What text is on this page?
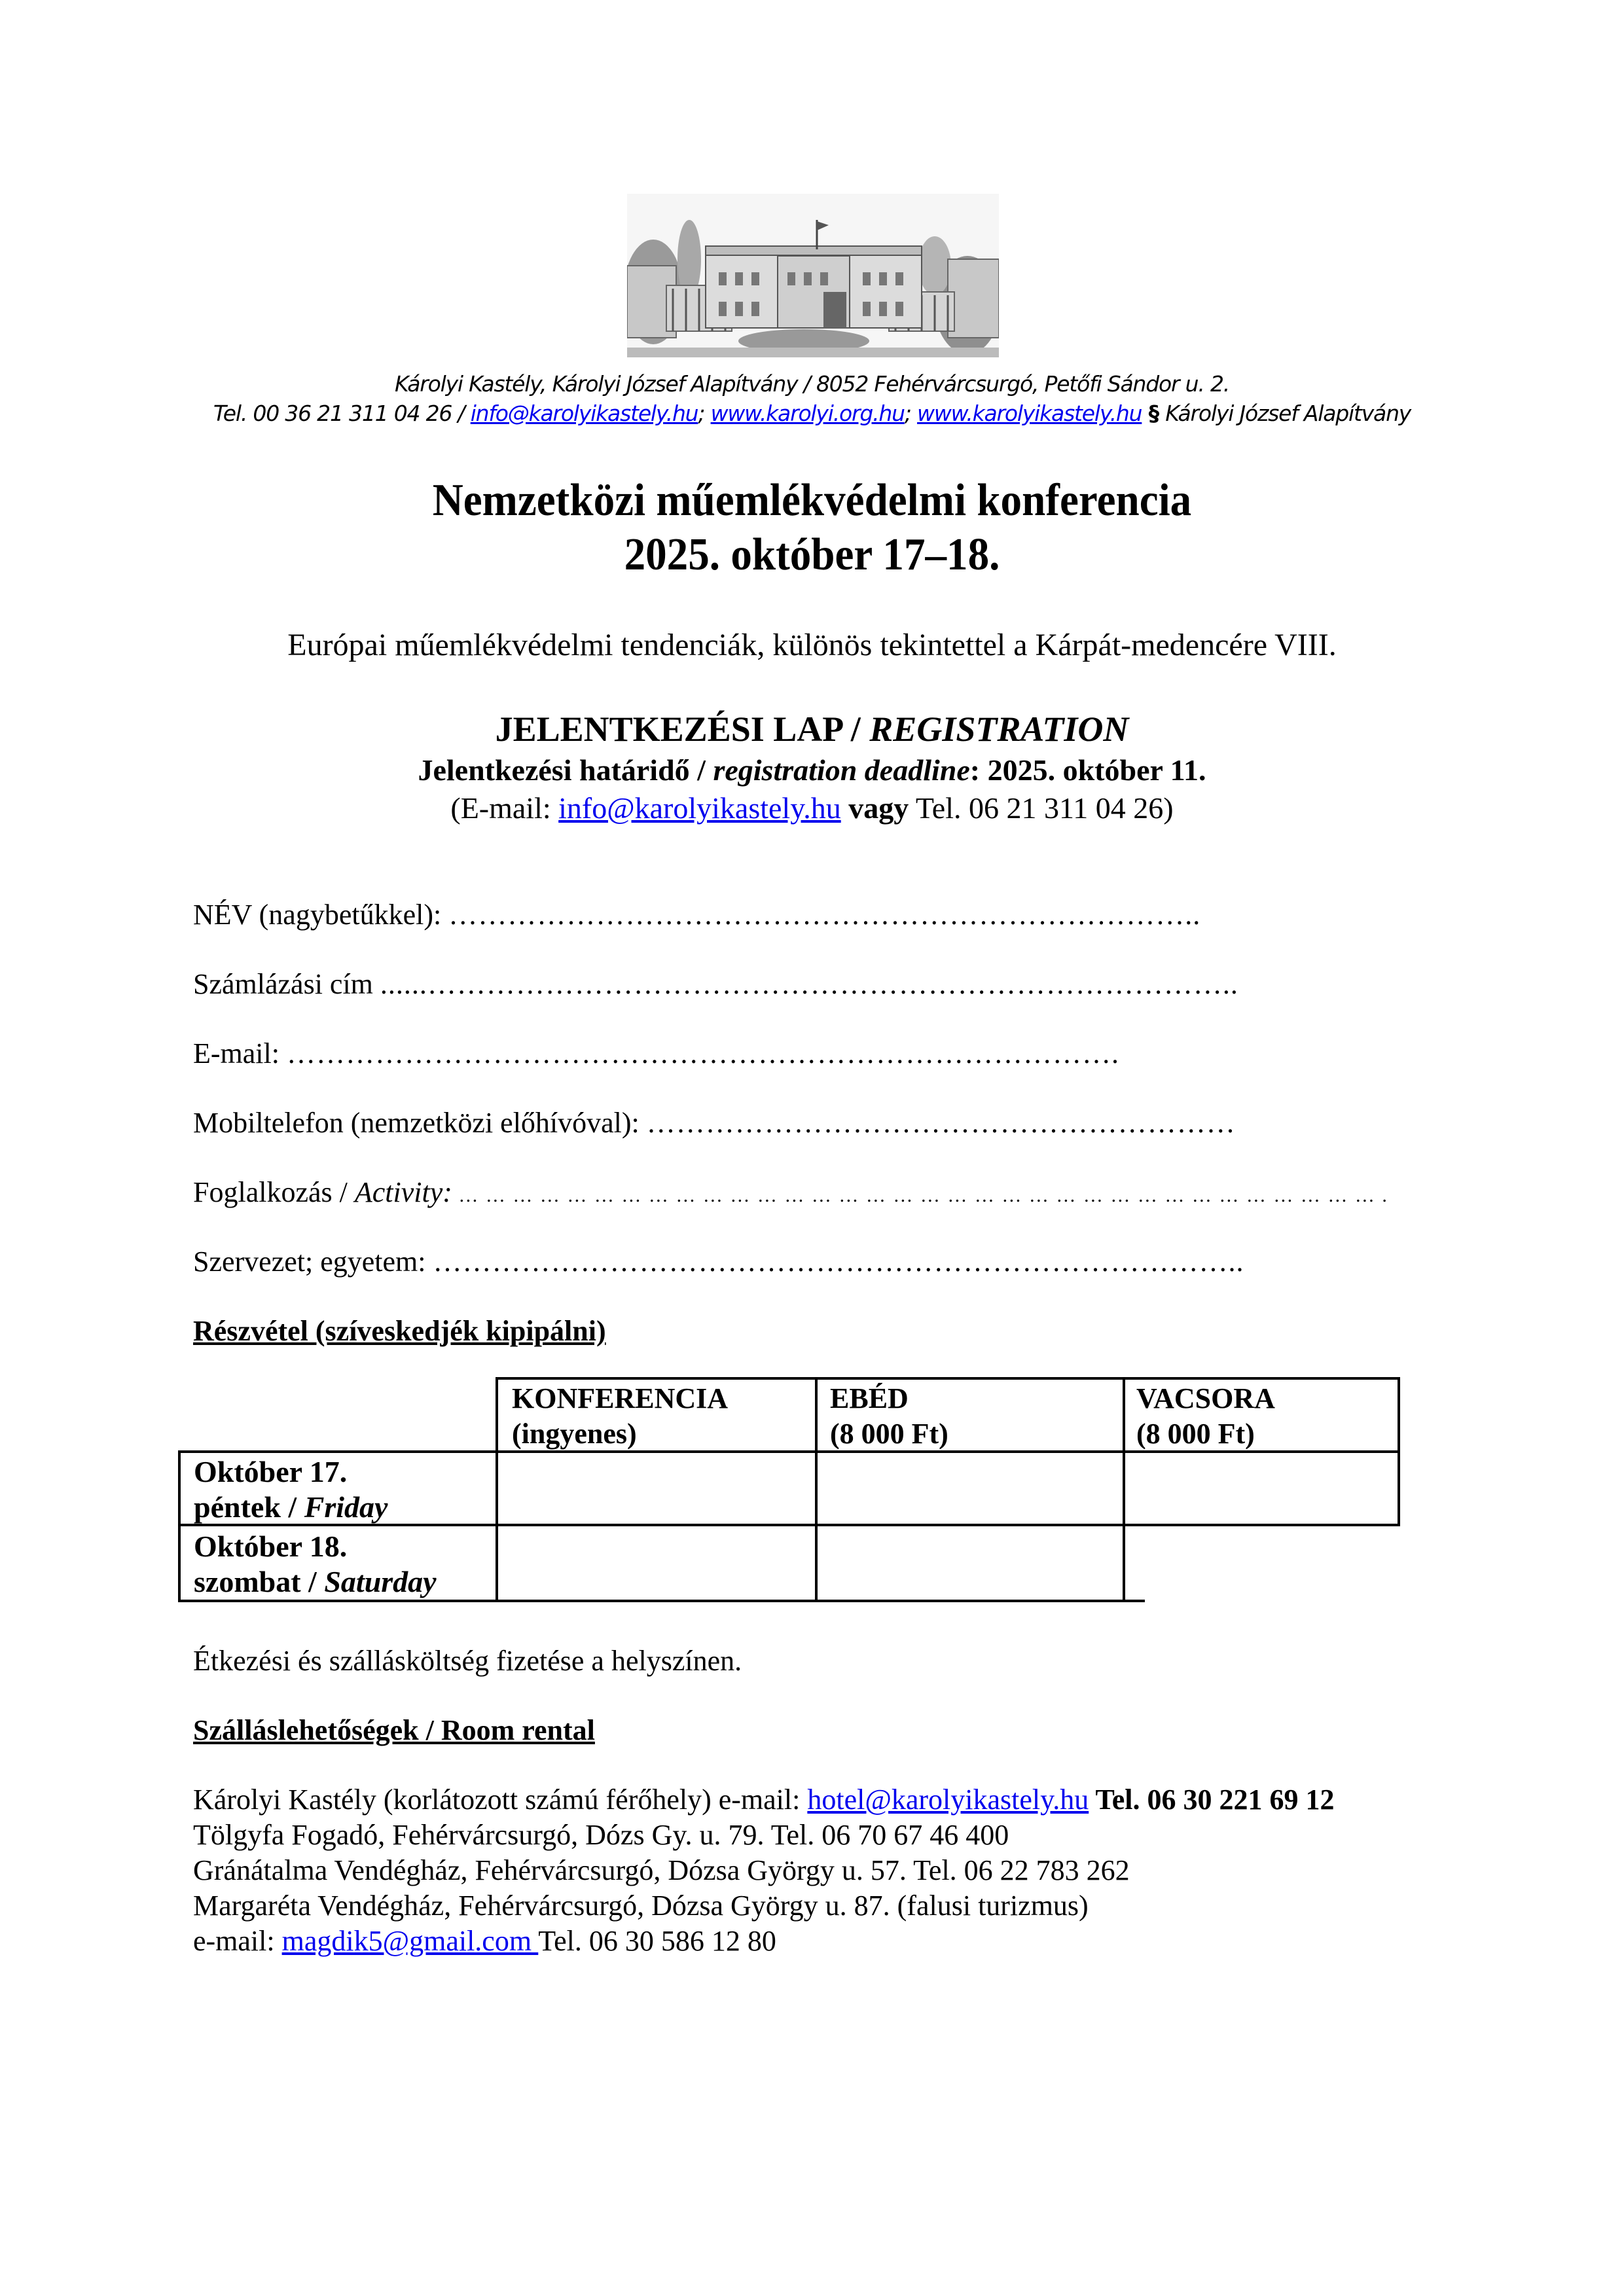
Károlyi Kastély, Károlyi József Alapítvány / 8052 Fehérvárcsurgó, Petőfi Sándor u. 2.
Tel. 00 36 21 311 04 26 / info@karolyikastely.hu; www.karolyi.org.hu; www.karolyikastely.hu § Károlyi József Alapítvány
Nemzetközi műemlékvédelmi konferencia
2025. október 17–18.
Európai műemlékvédelmi tendenciák, különös tekintettel a Kárpát-medencére VIII.
JELENTKEZÉSI LAP / REGISTRATION
Jelentkezési határidő / registration deadline: 2025. október 11.
(E-mail: info@karolyikastely.hu vagy Tel. 06 21 311 04 26)
NÉV (nagybetűkkel): …………………………………………………………………..
Számlázási cím ......………………………………………………………………………..
E-mail: ………………………………………………………………………….
Mobiltelefon (nemzetközi előhívóval): ……………………………………………………
Foglalkozás / Activity: … … … … … … … … … … … … … … … … … … … … … … … … … … … … … … … … … … .
Szervezet; egyetem: ………………………………………………………………………..
Részvétel (szíveskedjék kipipálni)
KONFERENCIA
(ingyenes)
EBÉD
(8 000 Ft)
VACSORA
(8 000 Ft)
Október 17.
péntek / Friday
Október 18.
szombat / Saturday
Étkezési és szállásköltség fizetése a helyszínen.
Szálláslehetőségek / Room rental
Károlyi Kastély (korlátozott számú férőhely) e-mail: hotel@karolyikastely.hu Tel. 06 30 221 69 12
Tölgyfa Fogadó, Fehérvárcsurgó, Dózs Gy. u. 79. Tel. 06 70 67 46 400
Gránátalma Vendégház, Fehérvárcsurgó, Dózsa György u. 57. Tel. 06 22 783 262
Margaréta Vendégház, Fehérvárcsurgó, Dózsa György u. 87. (falusi turizmus)
e-mail: magdik5@gmail.com Tel. 06 30 586 12 80
